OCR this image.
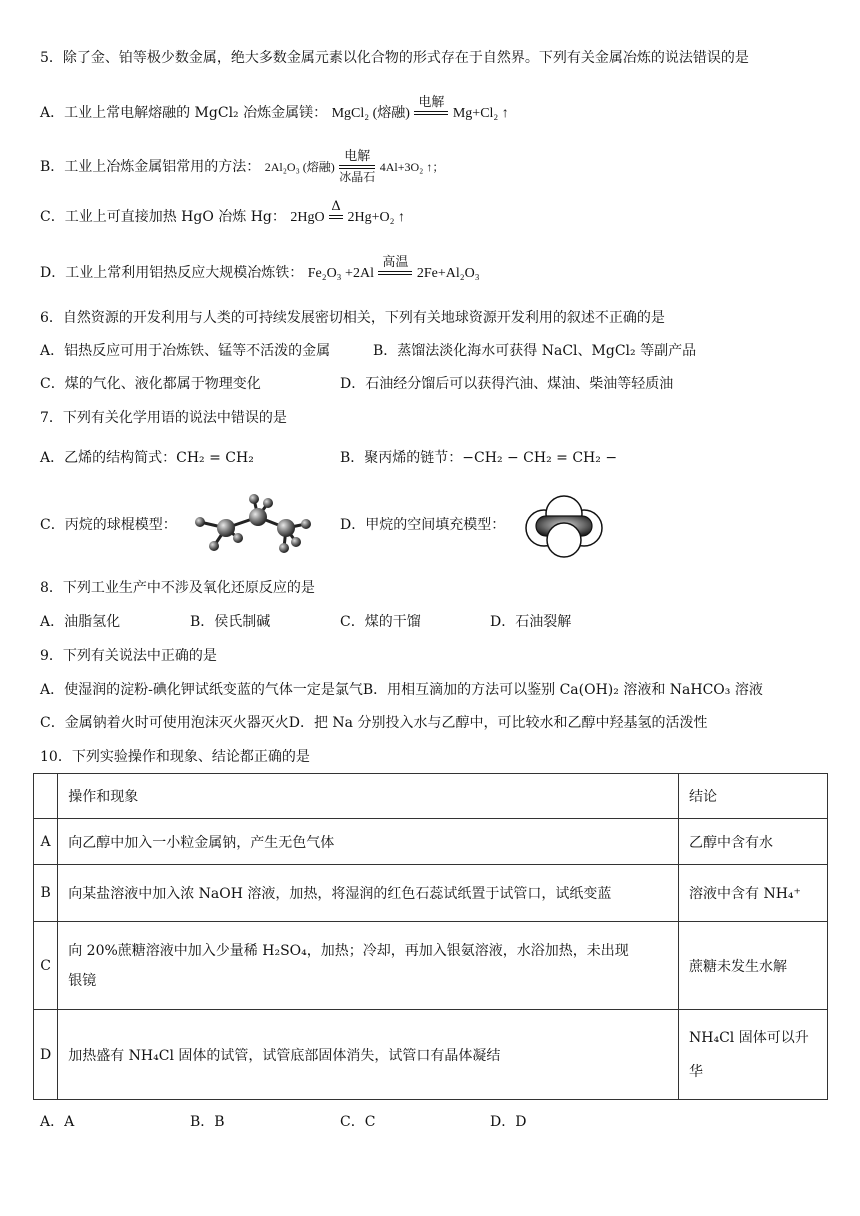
5．除了金、铂等极少数金属，绝大多数金属元素以化合物的形式存在于自然界。下列有关金属冶炼的说法错误的是
A．工业上常电解熔融的 MgCl₂ 冶炼金属镁： MgCl₂ (熔融)
电解

Mg+Cl₂ ↑
B．工业上冶炼金属铝常用的方法： 2Al₂O₃ (熔融)
电解
冰晶石
4Al+3O₂ ↑；
C．工业上可直接加热 HgO 冶炼 Hg： 2HgO
Δ

2Hg+O₂ ↑
D．工业上常利用铝热反应大规模冶炼铁： Fe₂O₃ +2Al
高温

2Fe+Al₂O₃
6．自然资源的开发利用与人类的可持续发展密切相关，下列有关地球资源开发利用的叙述不正确的是
A．铝热反应可用于冶炼铁、锰等不活泼的金属	B．蒸馏法淡化海水可获得 NaCl、MgCl₂ 等副产品
C．煤的气化、液化都属于物理变化	D．石油经分馏后可以获得汽油、煤油、柴油等轻质油
7．下列有关化学用语的说法中错误的是
A．乙烯的结构简式：CH₂ = CH₂	B．聚丙烯的链节：−CH₂ − CH₂ = CH₂ −
C．丙烷的球棍模型：	D．甲烷的空间填充模型：
8．下列工业生产中不涉及氧化还原反应的是
A．油脂氢化	B．侯氏制碱	C．煤的干馏	D．石油裂解
9．下列有关说法中正确的是
A．使湿润的淀粉-碘化钾试纸变蓝的气体一定是氯气B．用相互滴加的方法可以鉴别 Ca(OH)₂ 溶液和 NaHCO₃ 溶液
C．金属钠着火时可使用泡沫灭火器灭火D．把 Na 分别投入水与乙醇中，可比较水和乙醇中羟基氢的活泼性
10．下列实验操作和现象、结论都正确的是
	操作和现象	结论
A	向乙醇中加入一小粒金属钠，产生无色气体	乙醇中含有水
B	向某盐溶液中加入浓 NaOH 溶液，加热，将湿润的红色石蕊试纸置于试管口，试纸变蓝	溶液中含有 NH₄⁺
C	向 20%蔗糖溶液中加入少量稀 H₂SO₄，加热；冷却，再加入银氨溶液，水浴加热，未出现
银镜	蔗糖未发生水解
D	加热盛有 NH₄Cl 固体的试管，试管底部固体消失，试管口有晶体凝结	NH₄Cl 固体可以升
华
A．A	B．B	C．C	D．D
